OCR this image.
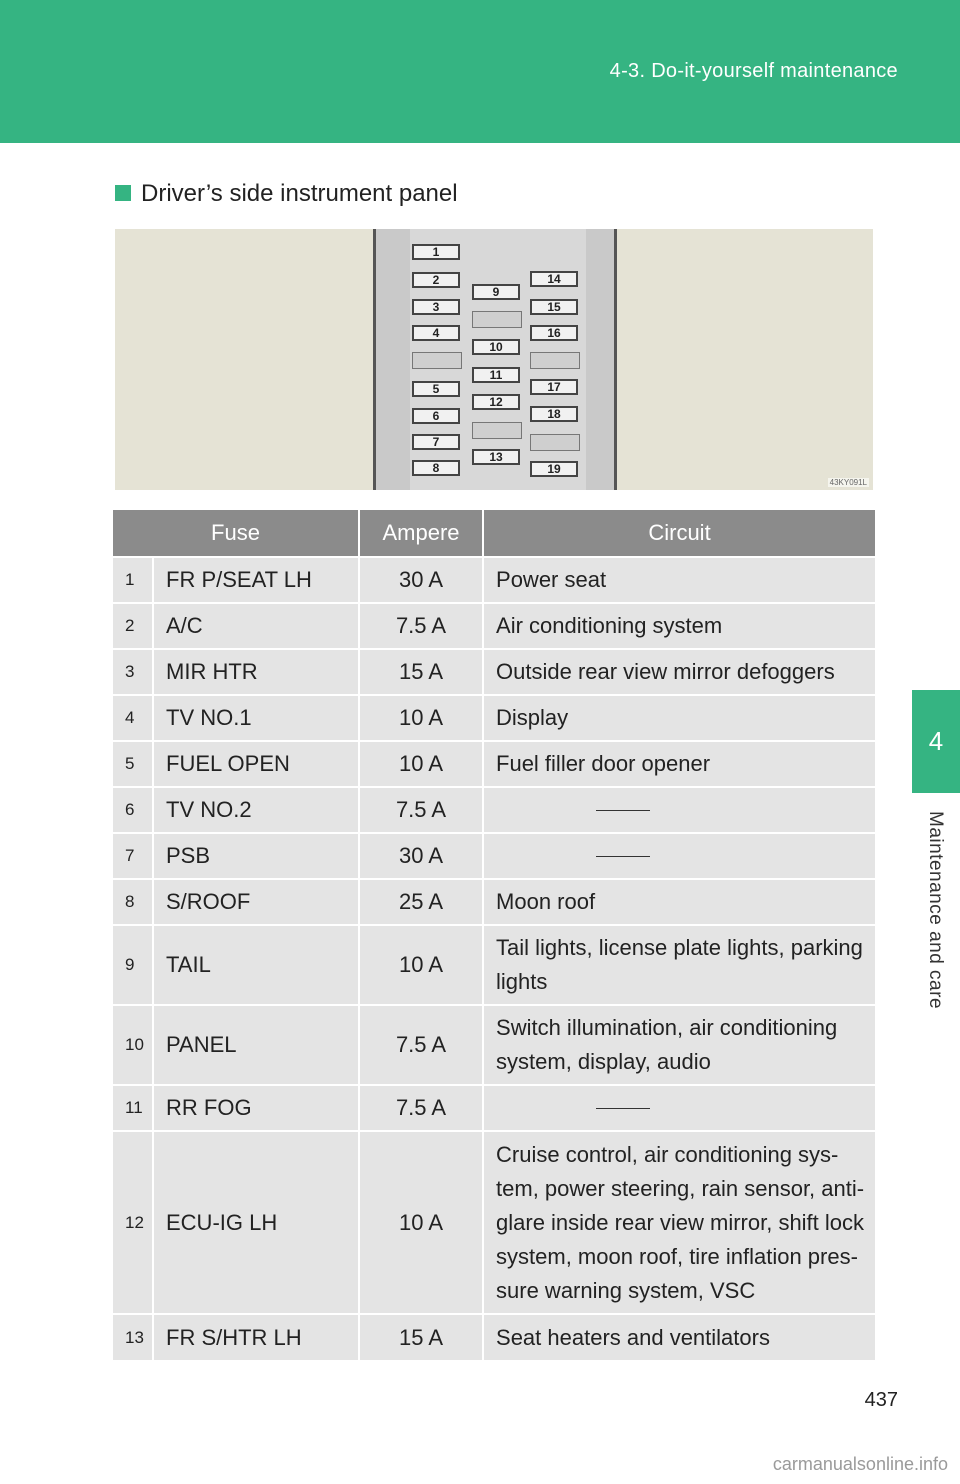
4-3. Do-it-yourself maintenance
4
Maintenance and care
Driver’s side instrument panel
1
2
3
4
5
6
7
8
9
10
11
12
13
14
15
16
17
18
19
43KY091L
Fuse		Ampere	Circuit
1	FR P/SEAT LH	30 A	Power seat

2	A/C	7.5 A	Air conditioning system

3	MIR HTR	15 A	Outside rear view mirror defoggers

4	TV NO.1	10 A	Display

5	FUEL OPEN	10 A	Fuel filler door opener

6	TV NO.2	7.5 A	

7	PSB	30 A	

8	S/ROOF	25 A	Moon roof

9	TAIL	10 A	Tail lights, license plate lights, parking
lights

10	PANEL	7.5 A	Switch illumination, air conditioning
system, display, audio

11	RR FOG	7.5 A	

12	ECU-IG LH	10 A	Cruise control, air conditioning sys-
tem, power steering, rain sensor, anti-
glare inside rear view mirror, shift lock
system, moon roof, tire inflation pres-
sure warning system, VSC

13	FR S/HTR LH	15 A	Seat heaters and ventilators
437
carmanualsonline.info
